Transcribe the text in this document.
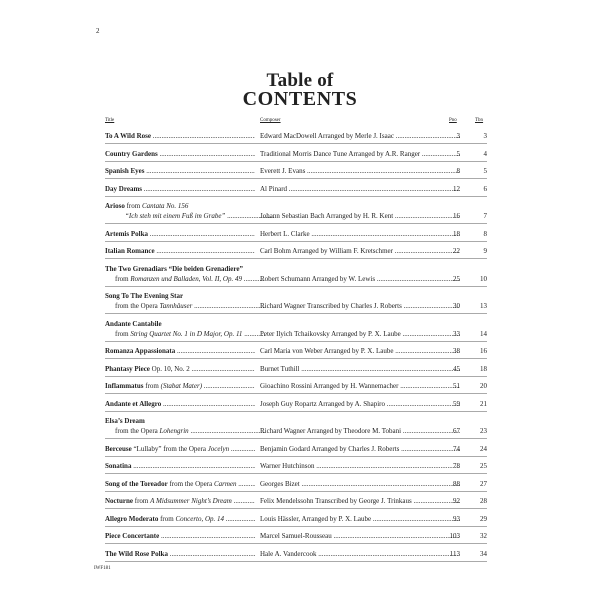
2
Table of
CONTENTS
Title	Composer	Pno	Tbn
To A Wild Rose .....	Edward MacDowell Arranged by Merle J. Isaac .....	3	3
Country Gardens .....	Traditional Morris Dance Tune Arranged by A.R. Ranger .....	5	4
Spanish Eyes .....	Everett J. Evans .....	8	5
Day Dreams .....	Al Pinard .....	12	6
Arioso from Cantata No. 156
“Ich steh mit einem Fuß im Grabe” .....	Johann Sebastian Bach Arranged by H. R. Kent .....	16	7
Artemis Polka .....	Herbert L. Clarke .....	18	8
Italian Romance .....	Carl Bohm Arranged by William F. Kretschmer .....	22	9
The Two Grenadiars “Die beiden Grenadiere”
from Romanzen und Balladen, Vol. II, Op. 49 .....	Robert Schumann Arranged by W. Lewis .....	25	10
Song To The Evening Star
from the Opera Tannhäuser .....	Richard Wagner Transcribed by Charles J. Roberts .....	30	13
Andante Cantabile
from String Quartet No. 1 in D Major, Op. 11 .....	Peter Ilyich Tchaikovsky Arranged by P. X. Laube .....	33	14
Romanza Appassionata .....	Carl Maria von Weber Arranged by P. X. Laube .....	38	16
Phantasy Piece Op. 10, No. 2 .....	Burnet Tuthill .....	45	18
Inflammatus from (Stabat Mater) .....	Gioachino Rossini Arranged by H. Wannemacher .....	51	20
Andante et Allegro .....	Joseph Guy Ropartz Arranged by A. Shapiro .....	59	21
Elsa’s Dream
from the Opera Lohengrin .....	Richard Wagner Arranged by Theodore M. Tobani .....	67	23
Berceuse “Lullaby” from the Opera Jocelyn .....	Benjamin Godard Arranged by Charles J. Roberts .....	74	24
Sonatina .....	Warner Hutchinson .....	78	25
Song of the Toreador from the Opera Carmen .....	Georges Bizet .....	88	27
Nocturne from A Midsummer Night’s Dream .....	Felix Mendelssohn Transcribed by George J. Trinkaus .....	92	28
Allegro Moderato from Concerto, Op. 14 .....	Louis Hässler, Arranged by P. X. Laube .....	93	29
Piece Concertante .....	Marcel Samuel-Rousseau .....	103	32
The Wild Rose Polka .....	Hale A. Vandercook .....	113	34
IWF181
